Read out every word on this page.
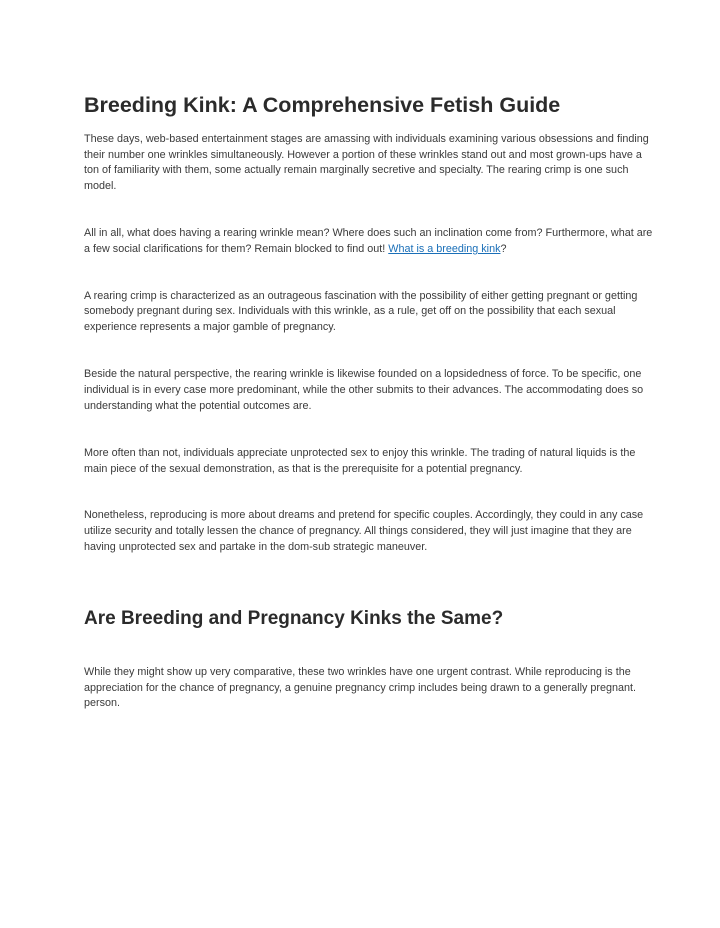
Breeding Kink: A Comprehensive Fetish Guide

These days, web-based entertainment stages are amassing with individuals examining various obsessions and finding their number one wrinkles simultaneously. However a portion of these wrinkles stand out and most grown-ups have a ton of familiarity with them, some actually remain marginally secretive and specialty. The rearing crimp is one such model.

All in all, what does having a rearing wrinkle mean? Where does such an inclination come from? Furthermore, what are a few social clarifications for them? Remain blocked to find out! What is a breeding kink?

A rearing crimp is characterized as an outrageous fascination with the possibility of either getting pregnant or getting somebody pregnant during sex. Individuals with this wrinkle, as a rule, get off on the possibility that each sexual experience represents a major gamble of pregnancy.

Beside the natural perspective, the rearing wrinkle is likewise founded on a lopsidedness of force. To be specific, one individual is in every case more predominant, while the other submits to their advances. The accommodating does so understanding what the potential outcomes are.

More often than not, individuals appreciate unprotected sex to enjoy this wrinkle. The trading of natural liquids is the main piece of the sexual demonstration, as that is the prerequisite for a potential pregnancy.

Nonetheless, reproducing is more about dreams and pretend for specific couples. Accordingly, they could in any case utilize security and totally lessen the chance of pregnancy. All things considered, they will just imagine that they are having unprotected sex and partake in the dom-sub strategic maneuver.

Are Breeding and Pregnancy Kinks the Same?

While they might show up very comparative, these two wrinkles have one urgent contrast. While reproducing is the appreciation for the chance of pregnancy, a genuine pregnancy crimp includes being drawn to a generally pregnant. person.
